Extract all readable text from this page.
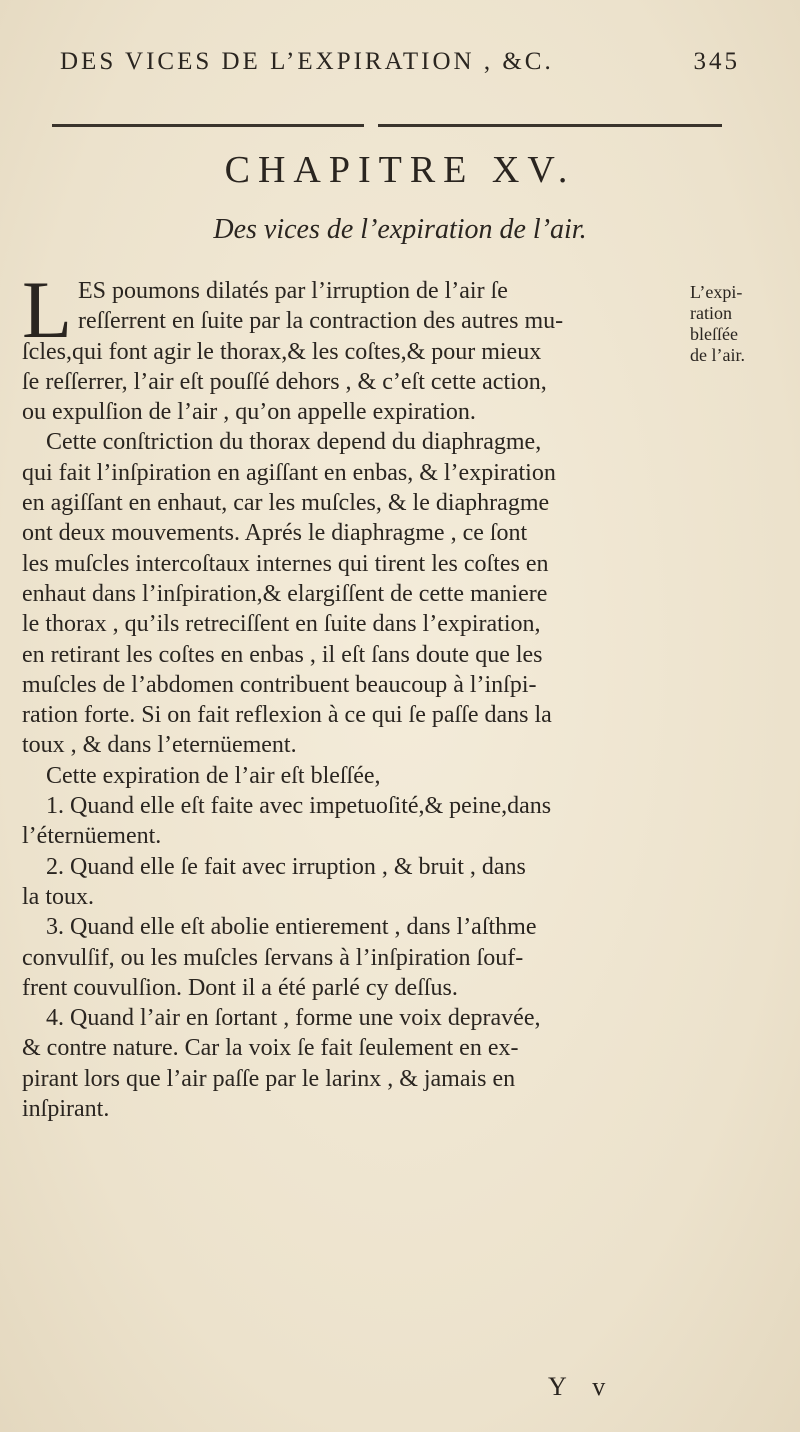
DES VICES DE L’EXPIRATION , &C.	345
CHAPITRE XV.
Des vices de l’expiration de l’air.
L	L’expi-
ration
bleſſée
de l’air.
ES poumons dilatés par l’irruption de l’air ſe
reſſerrent en ſuite par la contraction des autres mu-
ſcles,qui font agir le thorax,& les coſtes,& pour mieux
ſe reſſerrer, l’air eſt pouſſé dehors , & c’eſt cette action,
ou expulſion de l’air , qu’on appelle expiration.
Cette conſtriction du thorax depend du diaphragme,
qui fait l’inſpiration en agiſſant en enbas, & l’expiration
en agiſſant en enhaut, car les muſcles, & le diaphragme
ont deux mouvements. Aprés le diaphragme , ce ſont
les muſcles intercoſtaux internes qui tirent les coſtes en
enhaut dans l’inſpiration,& elargiſſent de cette maniere
le thorax , qu’ils retreciſſent en ſuite dans l’expiration,
en retirant les coſtes en enbas , il eſt ſans doute que les
muſcles de l’abdomen contribuent beaucoup à l’inſpi-
ration forte. Si on fait reflexion à ce qui ſe paſſe dans la
toux , & dans l’eternüement.
Cette expiration de l’air eſt bleſſée,
1. Quand elle eſt faite avec impetuoſité,& peine,dans
l’éternüement.
2. Quand elle ſe fait avec irruption , & bruit , dans
la toux.
3. Quand elle eſt abolie entierement , dans l’aſthme
convulſif, ou les muſcles ſervans à l’inſpiration ſouf-
frent couvulſion. Dont il a été parlé cy deſſus.
4. Quand l’air en ſortant , forme une voix depravée,
& contre nature. Car la voix ſe fait ſeulement en ex-
pirant lors que l’air paſſe par le larinx , & jamais en
inſpirant.
Y v
